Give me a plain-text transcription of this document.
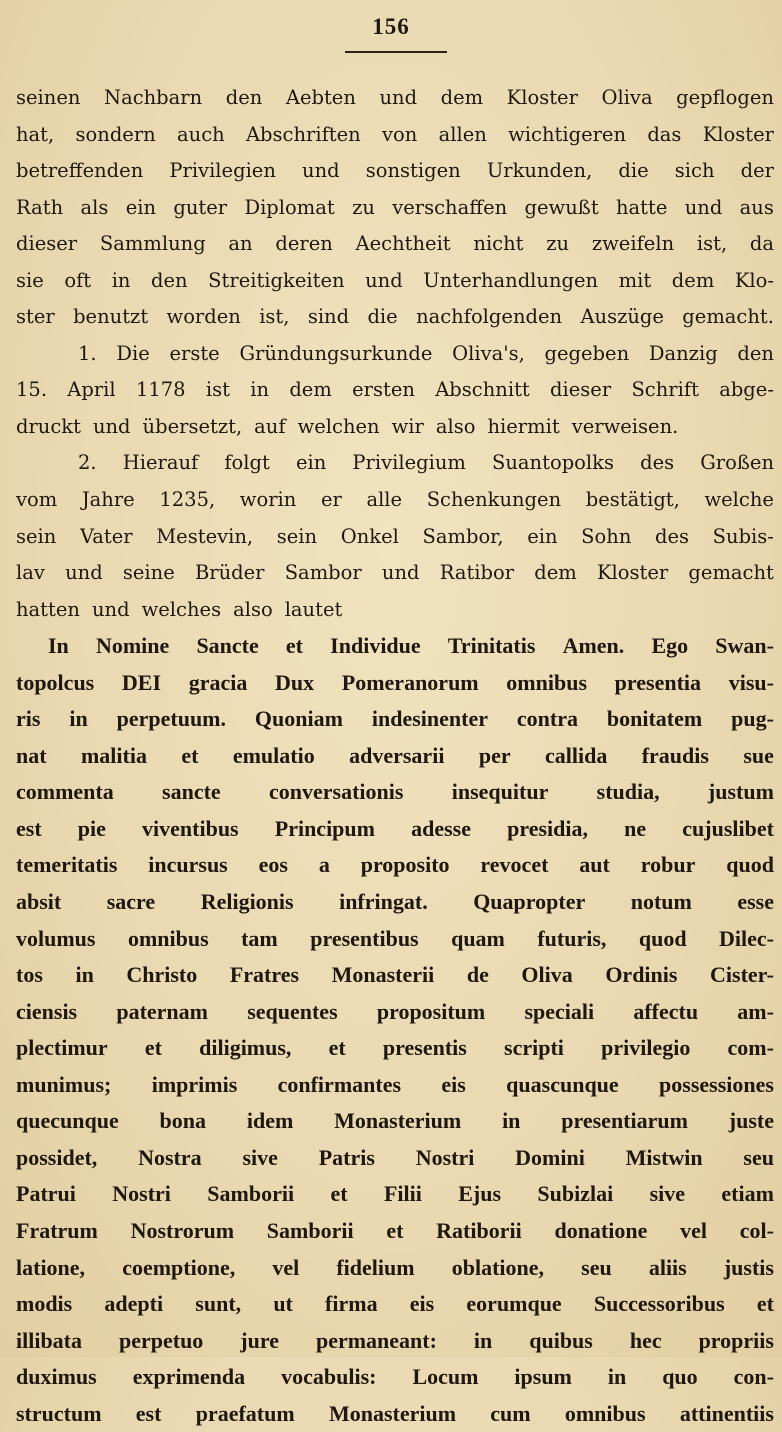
156
seinen Nachbarn den Aebten und dem Kloster Oliva gepflogen
hat, sondern auch Abschriften von allen wichtigeren das Kloster
betreffenden Privilegien und sonstigen Urkunden, die sich der
Rath als ein guter Diplomat zu verschaffen gewußt hatte und aus
dieser Sammlung an deren Aechtheit nicht zu zweifeln ist, da
sie oft in den Streitigkeiten und Unterhandlungen mit dem Klo-
ster benutzt worden ist, sind die nachfolgenden Auszüge gemacht.
1. Die erste Gründungsurkunde Oliva's, gegeben Danzig den
15. April 1178 ist in dem ersten Abschnitt dieser Schrift abge-
druckt und übersetzt, auf welchen wir also hiermit verweisen.
2. Hierauf folgt ein Privilegium Suantopolks des Großen
vom Jahre 1235, worin er alle Schenkungen bestätigt, welche
sein Vater Mestevin, sein Onkel Sambor, ein Sohn des Subis-
lav und seine Brüder Sambor und Ratibor dem Kloster gemacht
hatten und welches also lautet
In Nomine Sancte et Individue Trinitatis Amen. Ego Swan-
topolcus DEI gracia Dux Pomeranorum omnibus presentia visu-
ris in perpetuum. Quoniam indesinenter contra bonitatem pug-
nat malitia et emulatio adversarii per callida fraudis sue
commenta sancte conversationis insequitur studia, justum
est pie viventibus Principum adesse presidia, ne cujuslibet
temeritatis incursus eos a proposito revocet aut robur quod
absit sacre Religionis infringat. Quapropter notum esse
volumus omnibus tam presentibus quam futuris, quod Dilec-
tos in Christo Fratres Monasterii de Oliva Ordinis Cister-
ciensis paternam sequentes propositum speciali affectu am-
plectimur et diligimus, et presentis scripti privilegio com-
munimus; imprimis confirmantes eis quascunque possessiones
quecunque bona idem Monasterium in presentiarum juste
possidet, Nostra sive Patris Nostri Domini Mistwin seu
Patrui Nostri Samborii et Filii Ejus Subizlai sive etiam
Fratrum Nostrorum Samborii et Ratiborii donatione vel col-
latione, coemptione, vel fidelium oblatione, seu aliis justis
modis adepti sunt, ut firma eis eorumque Successoribus et
illibata perpetuo jure permaneant: in quibus hec propriis
duximus exprimenda vocabulis: Locum ipsum in quo con-
structum est praefatum Monasterium cum omnibus attinentiis
